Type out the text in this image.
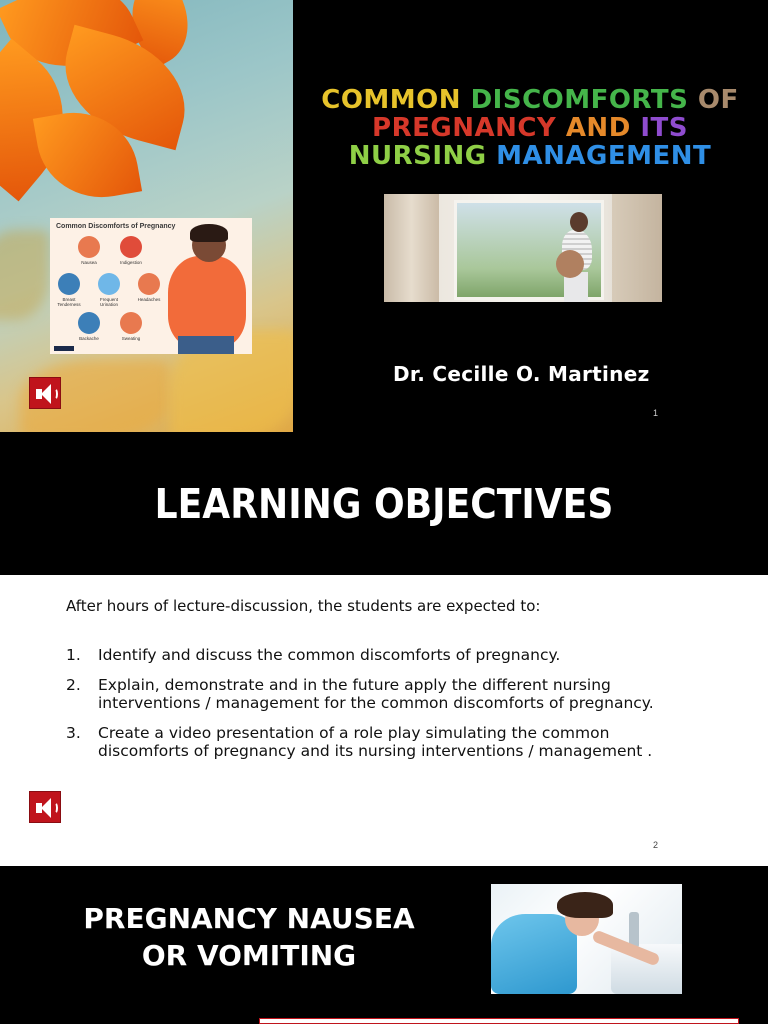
Common Discomforts of Pregnancy
Nausea	Indigestion
Breast Tenderness
Frequent Urination
Headaches
Backache	Sweating
COMMON DISCOMFORTS OF
PREGNANCY AND ITS
NURSING MANAGEMENT
Dr. Cecille O. Martinez
1
LEARNING OBJECTIVES

After hours of lecture-discussion, the students are expected to:

1. Identify and discuss the common discomforts of pregnancy.
2. Explain, demonstrate and in the future apply the different nursing interventions / management for the common discomforts of pregnancy.
3. Create a video presentation of a role play simulating the common discomforts of pregnancy and its nursing interventions / management .
2
PREGNANCY NAUSEA
OR VOMITING
